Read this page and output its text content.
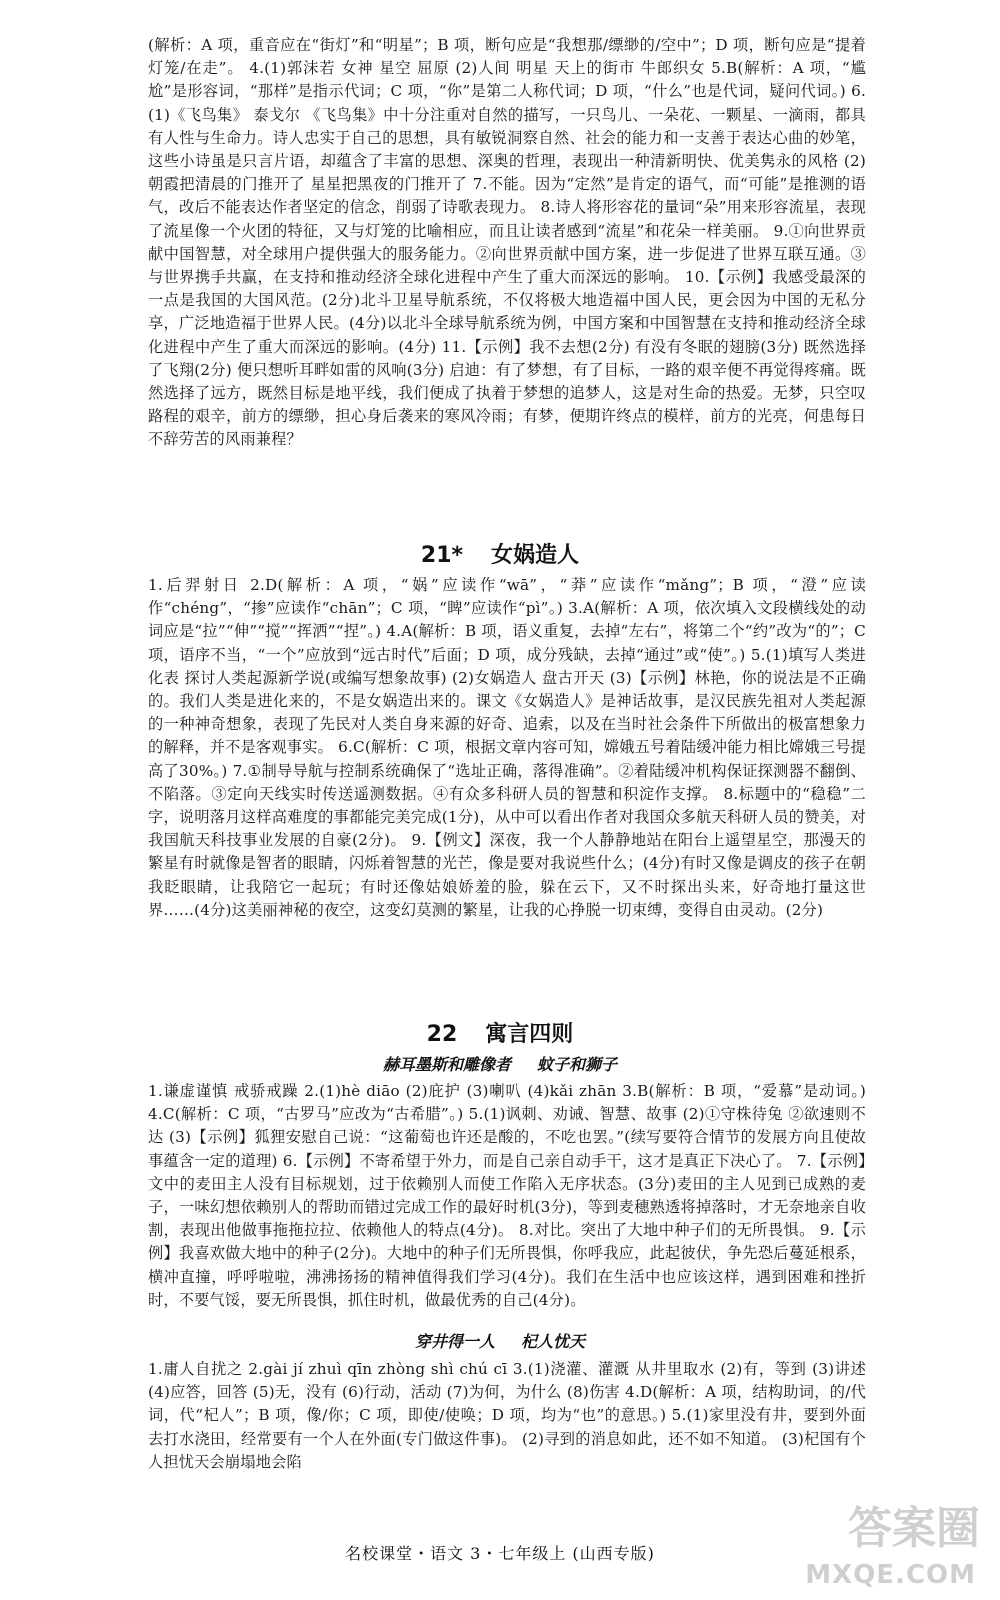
(解析：A 项，重音应在“街灯”和“明星”；B 项，断句应是“我想那/缥缈的/空中”；D 项，断句应是“提着灯笼/在走”。 4.(1)郭沫若 女神 星空 屈原 (2)人间 明星 天上的街市 牛郎织女 5.B(解析：A 项，“尴尬”是形容词，“那样”是指示代词；C 项，“你”是第二人称代词；D 项，“什么”也是代词，疑问代词。) 6.(1)《飞鸟集》 泰戈尔 《飞鸟集》中十分注重对自然的描写，一只鸟儿、一朵花、一颗星、一滴雨，都具有人性与生命力。诗人忠实于自己的思想，具有敏锐洞察自然、社会的能力和一支善于表达心曲的妙笔，这些小诗虽是只言片语，却蕴含了丰富的思想、深奥的哲理，表现出一种清新明快、优美隽永的风格 (2)朝霞把清晨的门推开了 星星把黑夜的门推开了 7.不能。因为“定然”是肯定的语气，而“可能”是推测的语气，改后不能表达作者坚定的信念，削弱了诗歌表现力。 8.诗人将形容花的量词“朵”用来形容流星，表现了流星像一个火团的特征，又与灯笼的比喻相应，而且让读者感到“流星”和花朵一样美丽。 9.①向世界贡献中国智慧，对全球用户提供强大的服务能力。②向世界贡献中国方案，进一步促进了世界互联互通。③与世界携手共赢，在支持和推动经济全球化进程中产生了重大而深远的影响。 10.【示例】我感受最深的一点是我国的大国风范。(2分)北斗卫星导航系统，不仅将极大地造福中国人民，更会因为中国的无私分享，广泛地造福于世界人民。(4分)以北斗全球导航系统为例，中国方案和中国智慧在支持和推动经济全球化进程中产生了重大而深远的影响。(4分) 11.【示例】我不去想(2分) 有没有冬眠的翅膀(3分) 既然选择了飞翔(2分) 便只想听耳畔如雷的风响(3分) 启迪：有了梦想，有了目标，一路的艰辛便不再觉得疼痛。既然选择了远方，既然目标是地平线，我们便成了执着于梦想的追梦人，这是对生命的热爱。无梦，只空叹路程的艰辛，前方的缥缈，担心身后袭来的寒风冷雨；有梦，便期许终点的模样，前方的光亮，何患每日不辞劳苦的风雨兼程？

21* 女娲造人

1.后羿射日 2.D(解析：A 项，“娲”应读作“wā”，“莽”应读作“mǎng”；B 项，“澄”应读作“chéng”，“掺”应读作“chān”；C 项，“睥”应读作“pì”。) 3.A(解析：A 项，依次填入文段横线处的动词应是“拉”“伸”“搅”“挥洒”“捏”。) 4.A(解析：B 项，语义重复，去掉“左右”，将第二个“约”改为“的”；C 项，语序不当，“一个”应放到“远古时代”后面；D 项，成分残缺，去掉“通过”或“使”。) 5.(1)填写人类进化表 探讨人类起源新学说(或编写想象故事) (2)女娲造人 盘古开天 (3)【示例】林艳，你的说法是不正确的。我们人类是进化来的，不是女娲造出来的。课文《女娲造人》是神话故事，是汉民族先祖对人类起源的一种神奇想象，表现了先民对人类自身来源的好奇、追索，以及在当时社会条件下所做出的极富想象力的解释，并不是客观事实。 6.C(解析：C 项，根据文章内容可知，嫦娥五号着陆缓冲能力相比嫦娥三号提高了30%。) 7.①制导导航与控制系统确保了“选址正确，落得准确”。②着陆缓冲机构保证探测器不翻倒、不陷落。③定向天线实时传送遥测数据。④有众多科研人员的智慧和积淀作支撑。 8.标题中的“稳稳”二字，说明落月这样高难度的事都能完美完成(1分)，从中可以看出作者对我国众多航天科研人员的赞美，对我国航天科技事业发展的自豪(2分)。 9.【例文】深夜，我一个人静静地站在阳台上遥望星空，那漫天的繁星有时就像是智者的眼睛，闪烁着智慧的光芒，像是要对我说些什么；(4分)有时又像是调皮的孩子在朝我眨眼睛，让我陪它一起玩；有时还像姑娘娇羞的脸，躲在云下，又不时探出头来，好奇地打量这世界……(4分)这美丽神秘的夜空，这变幻莫测的繁星，让我的心挣脱一切束缚，变得自由灵动。(2分)

22 寓言四则
赫耳墨斯和雕像者 蚊子和狮子

1.谦虚谨慎 戒骄戒躁 2.(1)hè diāo (2)庇护 (3)喇叭 (4)kǎi zhān 3.B(解析：B 项，“爱慕”是动词。) 4.C(解析：C 项，“古罗马”应改为“古希腊”。) 5.(1)讽刺、劝诫、智慧、故事 (2)①守株待兔 ②欲速则不达 (3)【示例】狐狸安慰自己说：“这葡萄也许还是酸的，不吃也罢。”(续写要符合情节的发展方向且使故事蕴含一定的道理) 6.【示例】不寄希望于外力，而是自己亲自动手干，这才是真正下决心了。 7.【示例】文中的麦田主人没有目标规划，过于依赖别人而使工作陷入无序状态。(3分)麦田的主人见到已成熟的麦子，一味幻想依赖别人的帮助而错过完成工作的最好时机(3分)，等到麦穗熟透将掉落时，才无奈地亲自收割，表现出他做事拖拖拉拉、依赖他人的特点(4分)。 8.对比。突出了大地中种子们的无所畏惧。 9.【示例】我喜欢做大地中的种子(2分)。大地中的种子们无所畏惧，你呼我应，此起彼伏，争先恐后蔓延根系，横冲直撞，呼呼啦啦，沸沸扬扬的精神值得我们学习(4分)。我们在生活中也应该这样，遇到困难和挫折时，不要气馁，要无所畏惧，抓住时机，做最优秀的自己(4分)。

穿井得一人 杞人忧天

1.庸人自扰之 2.gài jí zhuì qīn zhòng shì chú cī 3.(1)浇灌、灌溉 从井里取水 (2)有，等到 (3)讲述 (4)应答，回答 (5)无，没有 (6)行动，活动 (7)为何，为什么 (8)伤害 4.D(解析：A 项，结构助词，的/代词，代“杞人”；B 项，像/你；C 项，即使/使唤；D 项，均为“也”的意思。) 5.(1)家里没有井，要到外面去打水浇田，经常要有一个人在外面(专门做这件事)。 (2)寻到的消息如此，还不如不知道。 (3)杞国有个人担忧天会崩塌地会陷

名校课堂・语文 3・七年级上 (山西专版)	答案圈
MXQE.COM
